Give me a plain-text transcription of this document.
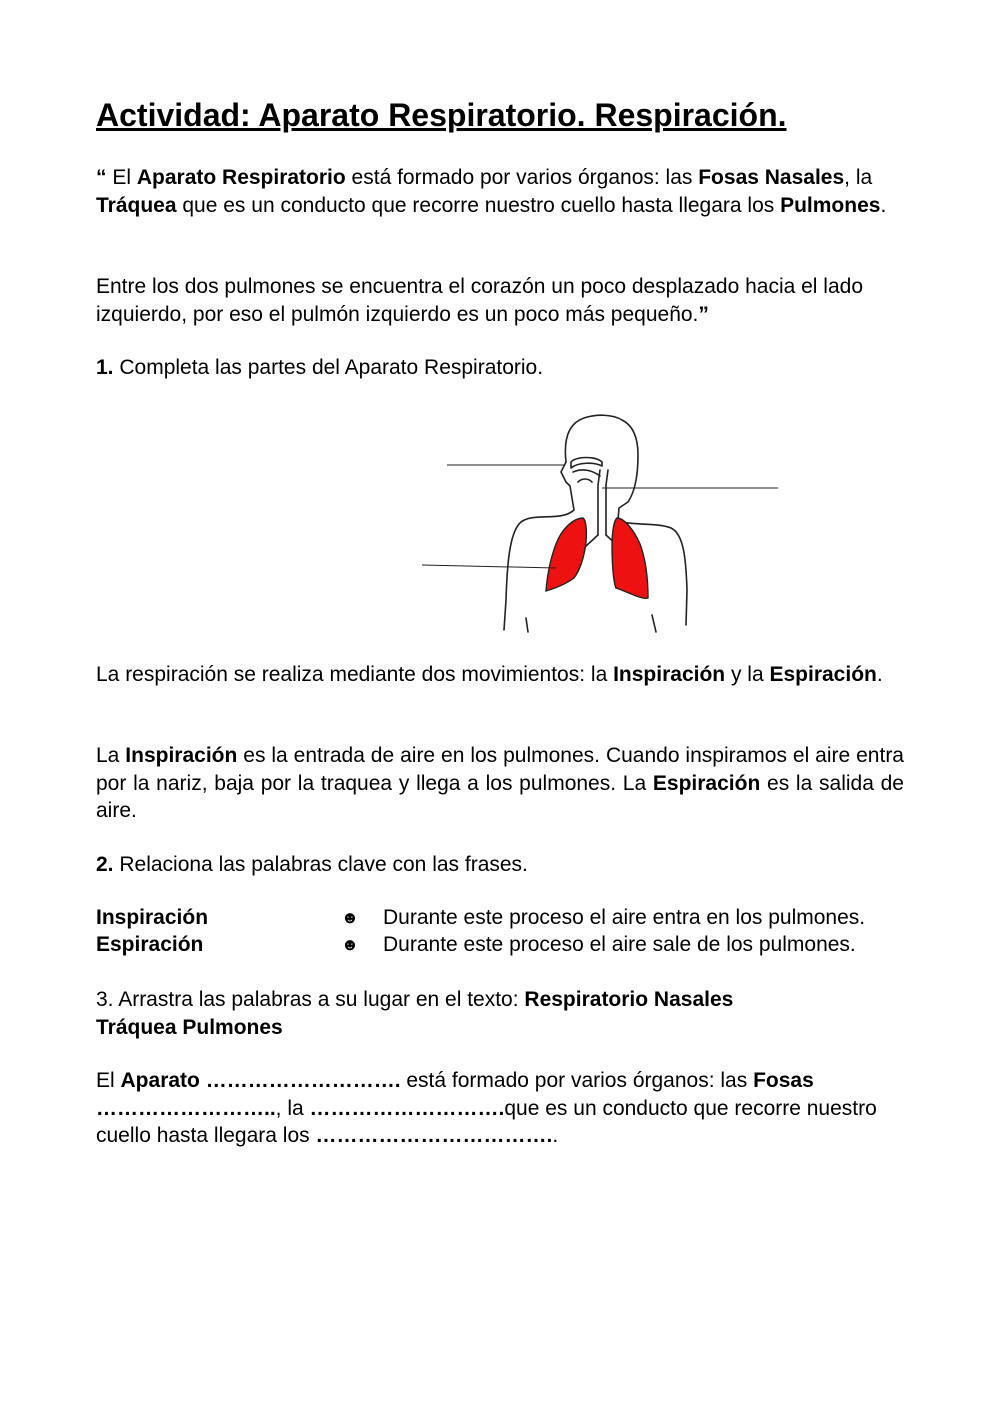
Actividad: Aparato Respiratorio. Respiración.

“ El Aparato Respiratorio está formado por varios órganos: las Fosas Nasales, la Tráquea que es un conducto que recorre nuestro cuello hasta llegara los Pulmones.

Entre los dos pulmones se encuentra el corazón un poco desplazado hacia el lado izquierdo, por eso el pulmón izquierdo es un poco más pequeño.”

1. Completa las partes del Aparato Respiratorio.

La respiración se realiza mediante dos movimientos: la Inspiración y la Espiración.

La Inspiración es la entrada de aire en los pulmones. Cuando inspiramos el aire entra por la nariz, baja por la traquea y llega a los pulmones. La Espiración es la salida de aire.

2. Relaciona las palabras clave con las frases.

Inspiración	☻ Durante este proceso el aire entra en los pulmones.
Espiración	☻ Durante este proceso el aire sale de los pulmones.

3. Arrastra las palabras a su lugar en el texto: Respiratorio Nasales Tráquea Pulmones

El Aparato ………………………. está formado por varios órganos: las Fosas …………………….., la ……………………….que es un conducto que recorre nuestro cuello hasta llegara los ……………………………..
